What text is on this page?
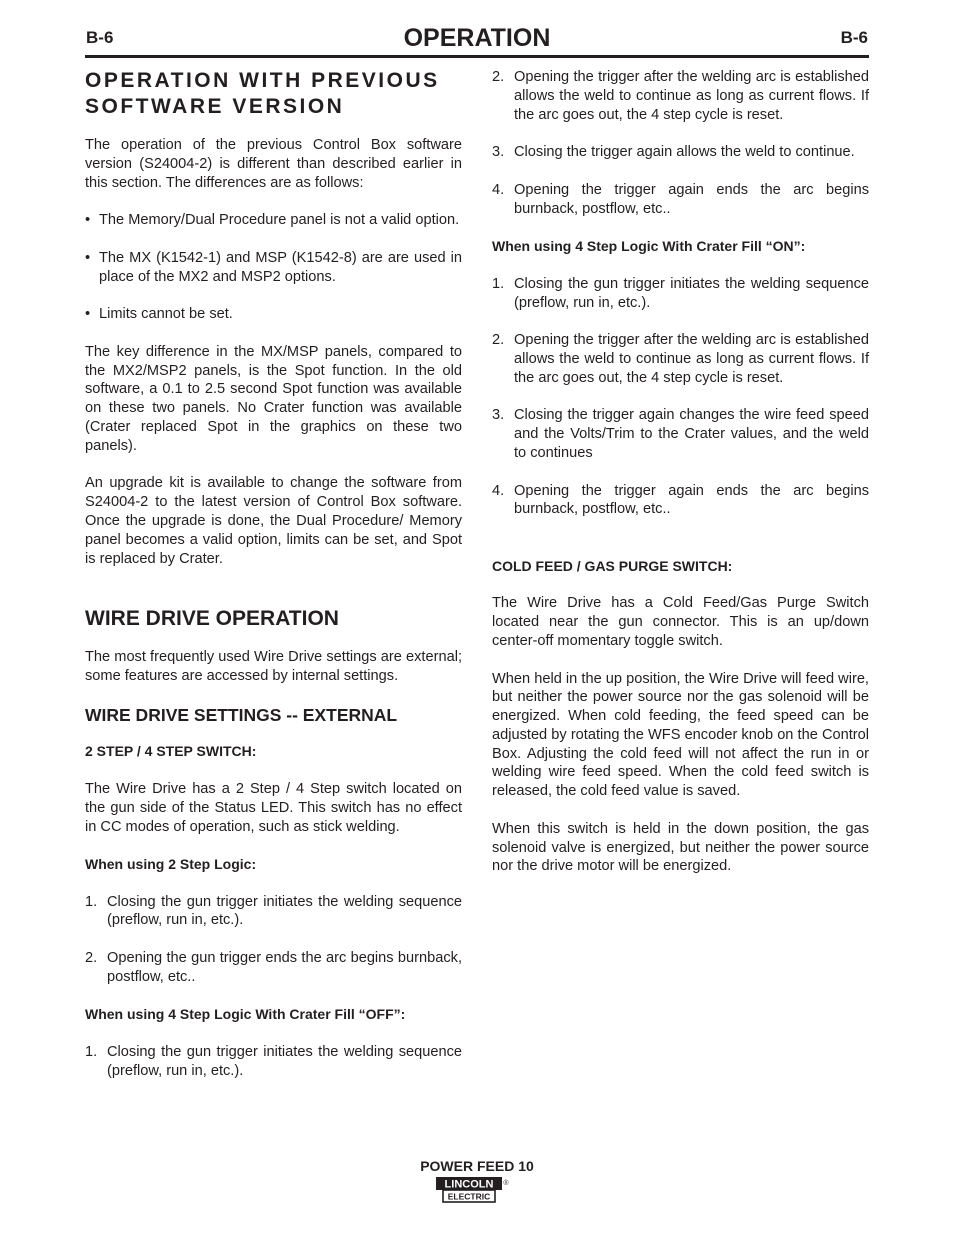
B-6	OPERATION	B-6
OPERATION WITH PREVIOUS SOFTWARE VERSION

The operation of the previous Control Box software version (S24004-2) is different than described earlier in this section. The differences are as follows:

• The Memory/Dual Procedure panel is not a valid option.
• The MX (K1542-1) and MSP (K1542-8) are are used in place of the MX2 and MSP2 options.
• Limits cannot be set.

The key difference in the MX/MSP panels, compared to the MX2/MSP2 panels, is the Spot function. In the old software, a 0.1 to 2.5 second Spot function was available on these two panels. No Crater function was available (Crater replaced Spot in the graphics on these two panels).

An upgrade kit is available to change the software from S24004-2 to the latest version of Control Box software. Once the upgrade is done, the Dual Procedure/ Memory panel becomes a valid option, limits can be set, and Spot is replaced by Crater.

WIRE DRIVE OPERATION

The most frequently used Wire Drive settings are external; some features are accessed by internal settings.

WIRE DRIVE SETTINGS -- EXTERNAL
2 STEP / 4 STEP SWITCH:

The Wire Drive has a 2 Step / 4 Step switch located on the gun side of the Status LED. This switch has no effect in CC modes of operation, such as stick welding.

When using 2 Step Logic:
1. Closing the gun trigger initiates the welding sequence (preflow, run in, etc.).
2. Opening the gun trigger ends the arc begins burnback, postflow, etc..
When using 4 Step Logic With Crater Fill “OFF”:
1. Closing the gun trigger initiates the welding sequence (preflow, run in, etc.).
2. Opening the trigger after the welding arc is established allows the weld to continue as long as current flows. If the arc goes out, the 4 step cycle is reset.
3. Closing the trigger again allows the weld to continue.
4. Opening the trigger again ends the arc begins burnback, postflow, etc..
When using 4 Step Logic With Crater Fill “ON”:
1. Closing the gun trigger initiates the welding sequence (preflow, run in, etc.).
2. Opening the trigger after the welding arc is established allows the weld to continue as long as current flows. If the arc goes out, the 4 step cycle is reset.
3. Closing the trigger again changes the wire feed speed and the Volts/Trim to the Crater values, and the weld to continues
4. Opening the trigger again ends the arc begins burnback, postflow, etc..
COLD FEED / GAS PURGE SWITCH:

The Wire Drive has a Cold Feed/Gas Purge Switch located near the gun connector. This is an up/down center-off momentary toggle switch.

When held in the up position, the Wire Drive will feed wire, but neither the power source nor the gas solenoid will be energized. When cold feeding, the feed speed can be adjusted by rotating the WFS encoder knob on the Control Box. Adjusting the cold feed will not affect the run in or welding wire feed speed. When the cold feed switch is released, the cold feed value is saved.

When this switch is held in the down position, the gas solenoid valve is energized, but neither the power source nor the drive motor will be energized.

POWER FEED 10
LINCOLN ®
ELECTRIC
